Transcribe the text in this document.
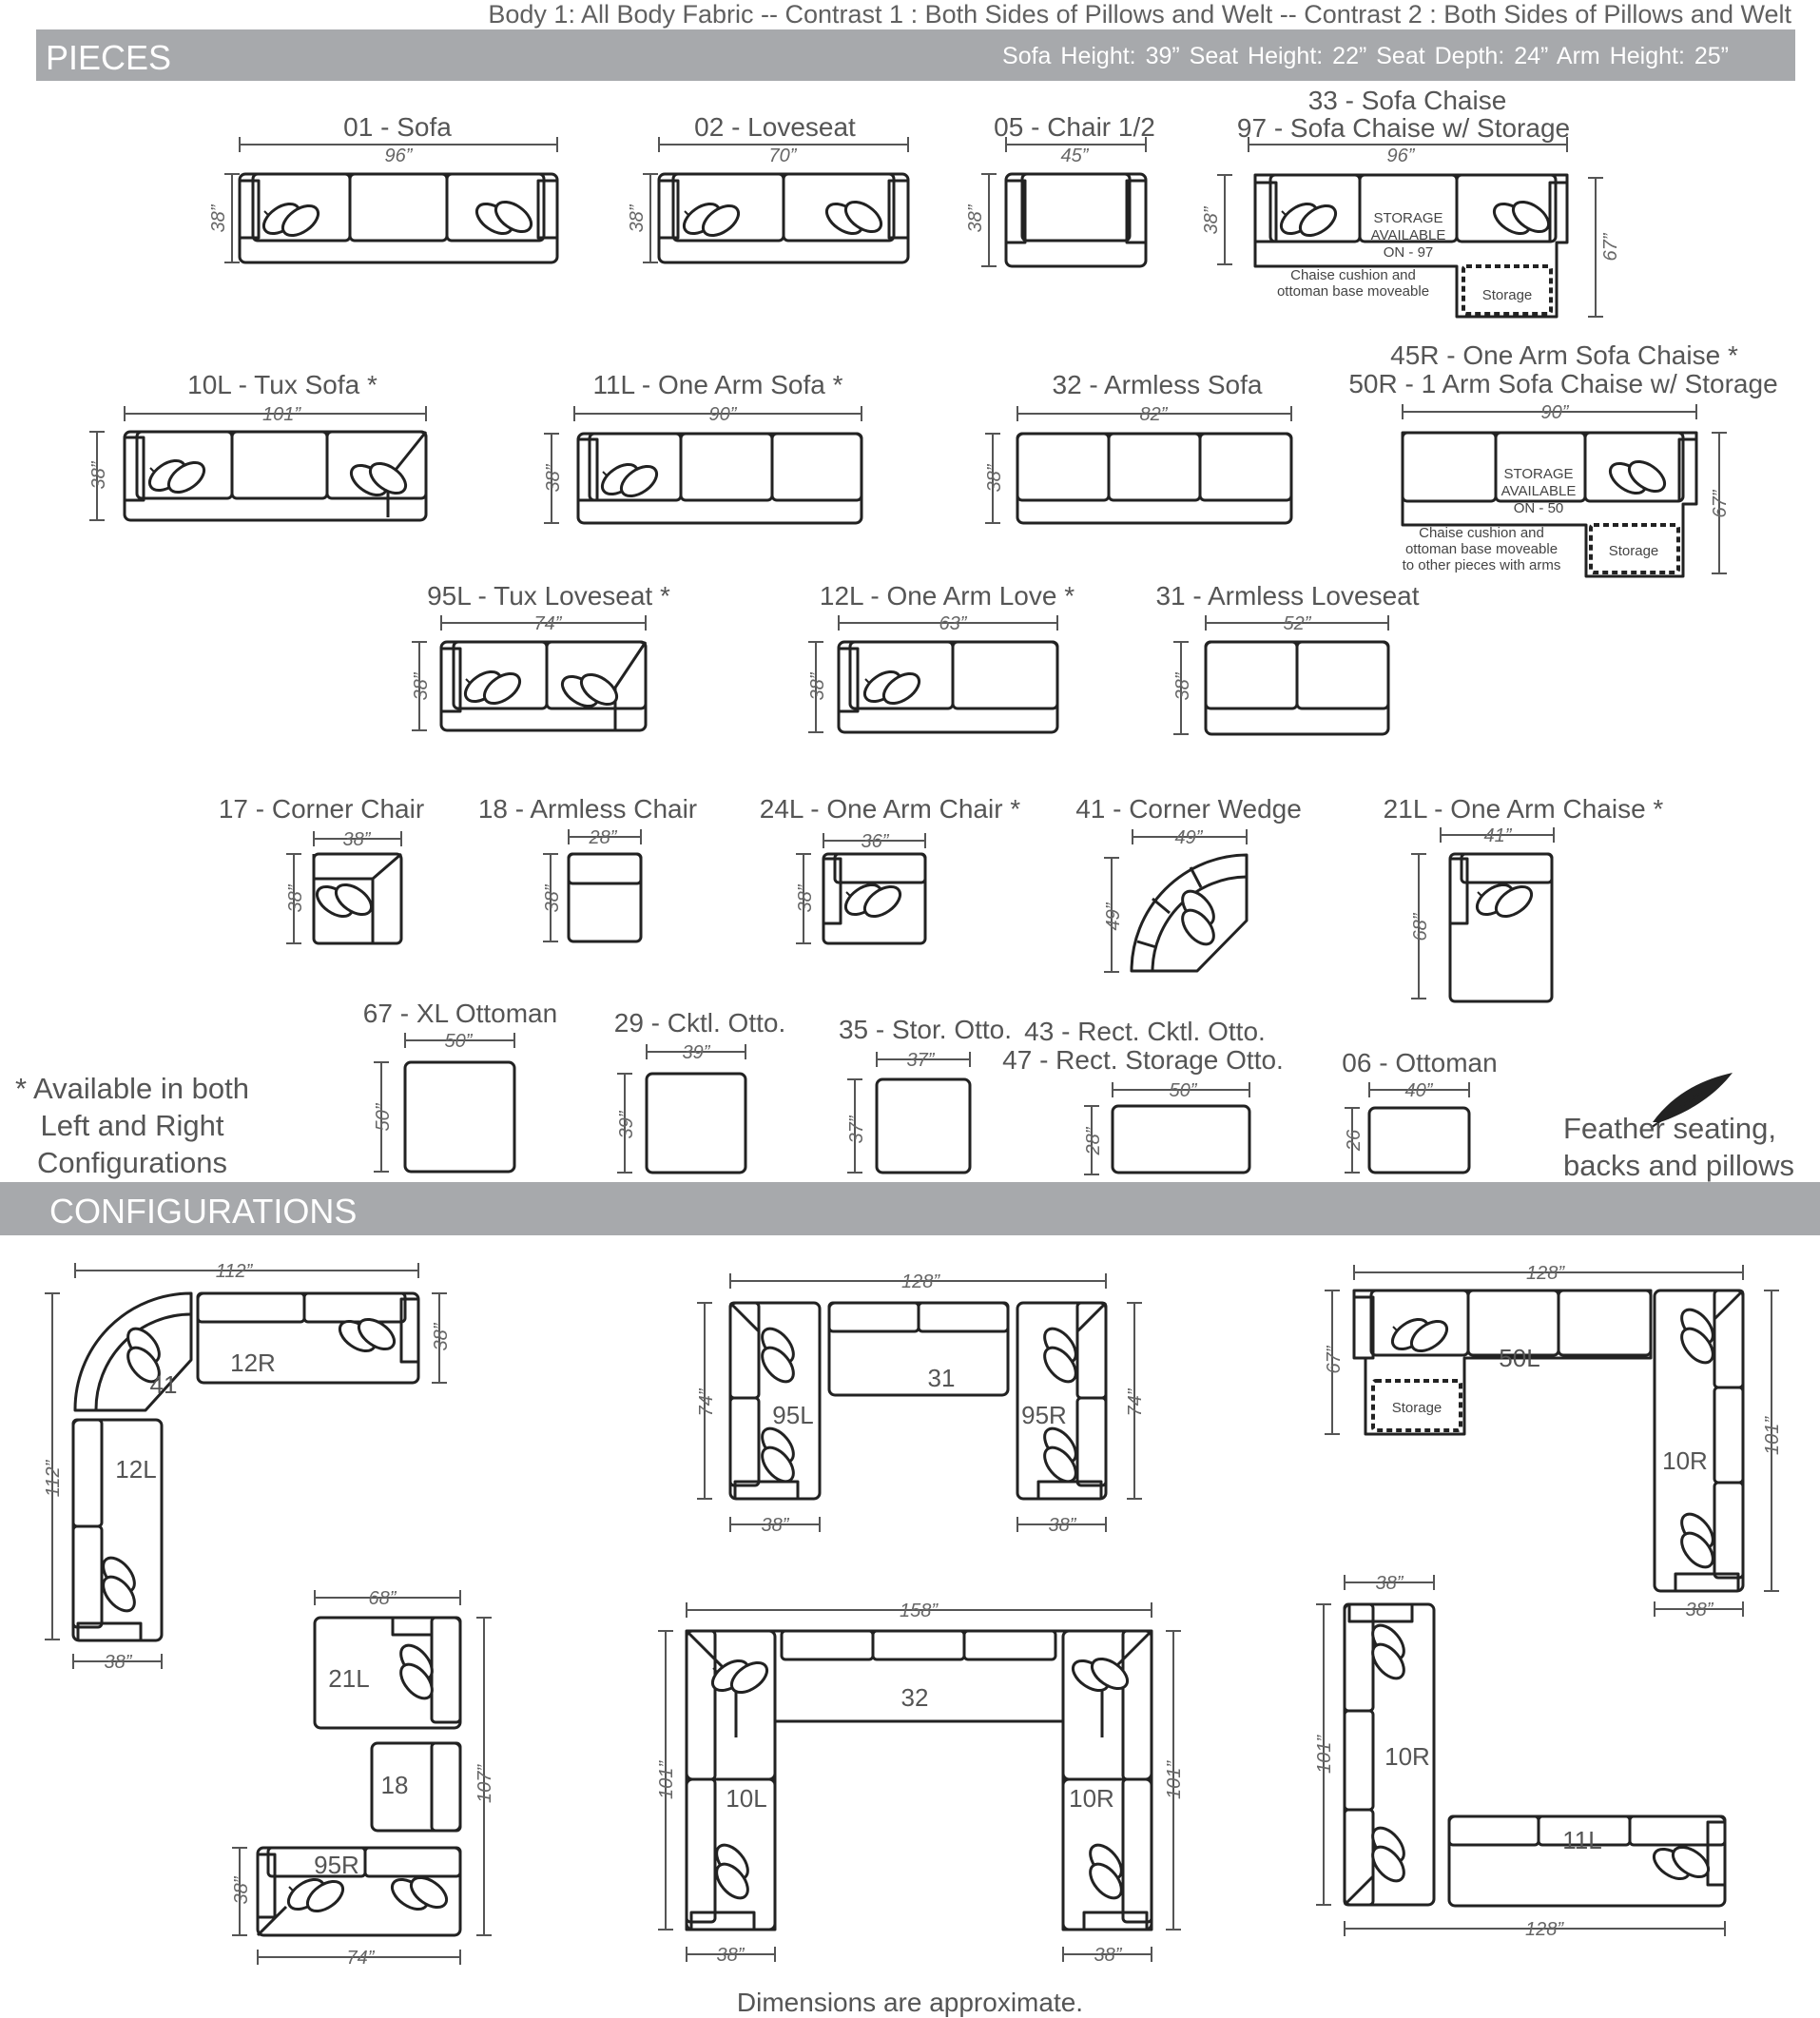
Body 1: All Body Fabric -- Contrast 1 : Both Sides of Pillows and Welt -- Contrast 2 : Both Sides of Pillows and Welt
PIECES	Sofa Height: 39” Seat Height: 22” Seat Depth: 24” Arm Height: 25”
CONFIGURATIONS
01 - Sofa
96”
38”
02 - Loveseat
70”
38”
05 - Chair 1/2
45”
38”
33 - Sofa Chaise
97 - Sofa Chaise w/ Storage
96”
38”
67”
STORAGE
AVAILABLE
ON - 97
Chaise cushion and
ottoman base moveable	Storage
10L - Tux Sofa *
101”
38”
11L - One Arm Sofa *
90”
38”
32 - Armless Sofa
82”
38”
45R - One Arm Sofa Chaise *
50R - 1 Arm Sofa Chaise w/ Storage
90”
67”
STORAGE
AVAILABLE
ON - 50
Chaise cushion and
ottoman base moveable
to other pieces with arms
Storage
95L - Tux Loveseat *
74”
38”
12L - One Arm Love *
63”
38”
31 - Armless Loveseat
52”
38”
17 - Corner Chair
38”
38”
18 - Armless Chair
28”
38”
24L - One Arm Chair *
36”
38”
41 - Corner Wedge
49”
49”
21L - One Arm Chaise *
41”
68”
67 - XL Ottoman
50”
50”
29 - Cktl. Otto.
39”
39”
35 - Stor. Otto.
37”
37”
43 - Rect. Cktl. Otto.
47 - Rect. Storage Otto.
50”
28”
06 - Ottoman
40”
26
112”
112”
38”
38”
41
12R
12L
128”
74”	74”
38”	38”
31
95L	95R
128”
67”
101”
38”
50L
10R
Storage
68”
107”
38”
74”
21L
18
95R
158”
101”	101”
38”	38”
32
10L	10R
38”
101”
128”
10R
11L
* Available in both
Left and Right
Configurations
Feather seating,
backs and pillows
Dimensions are approximate.
